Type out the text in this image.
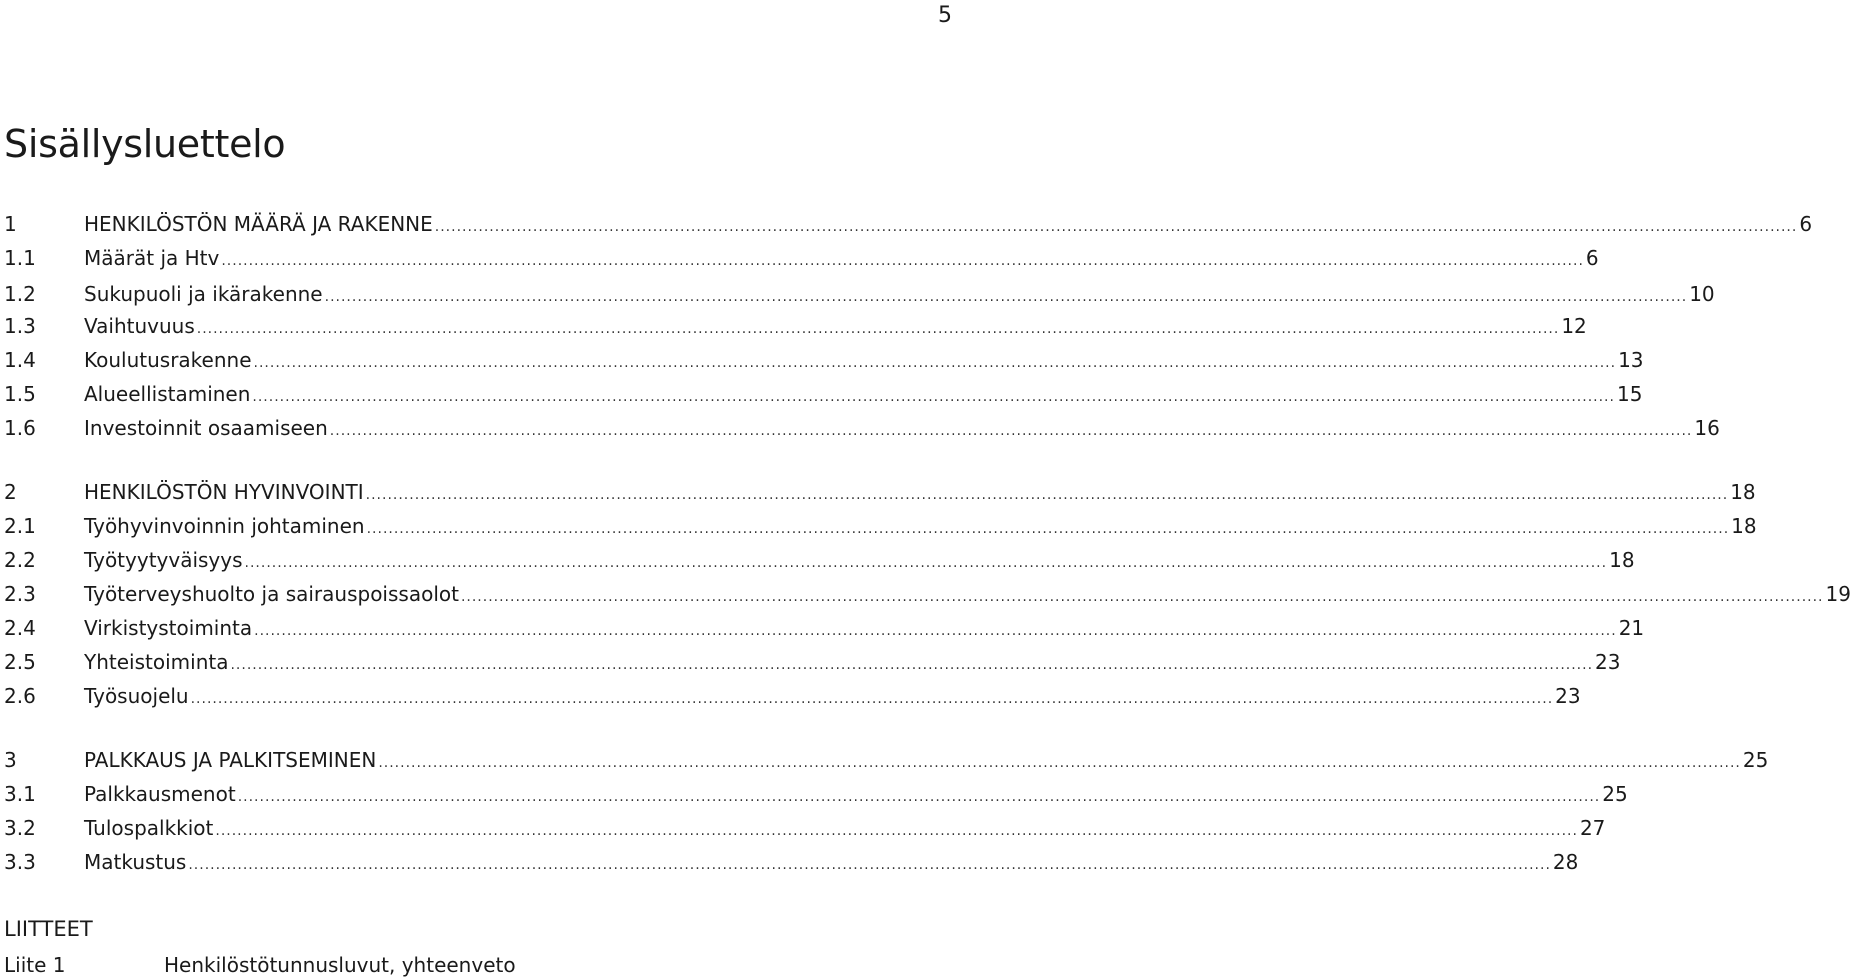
5
Sisällysluettelo
1	HENKILÖSTÖN MÄÄRÄ JA RAKENNE .....	6
1.1	Määrät ja Htv .....	6
1.2	Sukupuoli ja ikärakenne .....	10
1.3	Vaihtuvuus .....	12
1.4	Koulutusrakenne .....	13
1.5	Alueellistaminen .....	15
1.6	Investoinnit osaamiseen .....	16
2	HENKILÖSTÖN HYVINVOINTI .....	18
2.1	Työhyvinvoinnin johtaminen .....	18
2.2	Työtyytyväisyys .....	18
2.3	Työterveyshuolto ja sairauspoissaolot .....	19
2.4	Virkistystoiminta .....	21
2.5	Yhteistoiminta .....	23
2.6	Työsuojelu .....	23
3	PALKKAUS JA PALKITSEMINEN .....	25
3.1	Palkkausmenot .....	25
3.2	Tulospalkkiot .....	27
3.3	Matkustus .....	28
LIITTEET
Liite 1	Henkilöstötunnusluvut, yhteenveto
